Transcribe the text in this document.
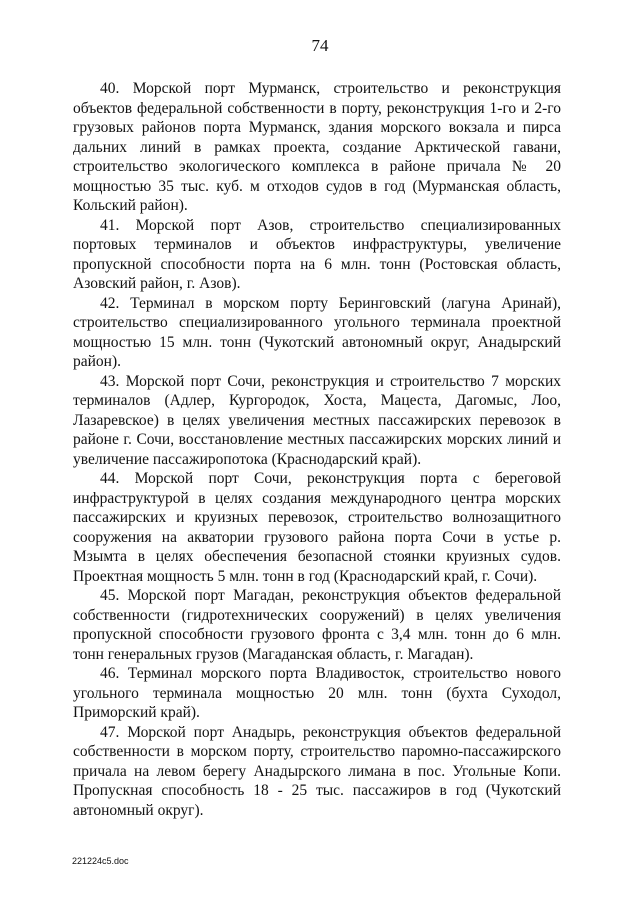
74

40. Морской порт Мурманск, строительство и реконструкция объектов федеральной собственности в порту, реконструкция 1-го и 2-го грузовых районов порта Мурманск, здания морского вокзала и пирса дальних линий в рамках проекта, создание Арктической гавани, строительство экологического комплекса в районе причала № 20 мощностью 35 тыс. куб. м отходов судов в год (Мурманская область, Кольский район).

41. Морской порт Азов, строительство специализированных портовых терминалов и объектов инфраструктуры, увеличение пропускной способности порта на 6 млн. тонн (Ростовская область, Азовский район, г. Азов).

42. Терминал в морском порту Беринговский (лагуна Аринай), строительство специализированного угольного терминала проектной мощностью 15 млн. тонн (Чукотский автономный округ, Анадырский район).

43. Морской порт Сочи, реконструкция и строительство 7 морских терминалов (Адлер, Кургородок, Хоста, Мацеста, Дагомыс, Лоо, Лазаревское) в целях увеличения местных пассажирских перевозок в районе г. Сочи, восстановление местных пассажирских морских линий и увеличение пассажиропотока (Краснодарский край).

44. Морской порт Сочи, реконструкция порта с береговой инфраструктурой в целях создания международного центра морских пассажирских и круизных перевозок, строительство волнозащитного сооружения на акватории грузового района порта Сочи в устье р. Мзымта в целях обеспечения безопасной стоянки круизных судов. Проектная мощность 5 млн. тонн в год (Краснодарский край, г. Сочи).

45. Морской порт Магадан, реконструкция объектов федеральной собственности (гидротехнических сооружений) в целях увеличения пропускной способности грузового фронта с 3,4 млн. тонн до 6 млн. тонн генеральных грузов (Магаданская область, г. Магадан).

46. Терминал морского порта Владивосток, строительство нового угольного терминала мощностью 20 млн. тонн (бухта Суходол, Приморский край).

47. Морской порт Анадырь, реконструкция объектов федеральной собственности в морском порту, строительство паромно-пассажирского причала на левом берегу Анадырского лимана в пос. Угольные Копи. Пропускная способность 18 - 25 тыс. пассажиров в год (Чукотский автономный округ).

221224c5.doc
